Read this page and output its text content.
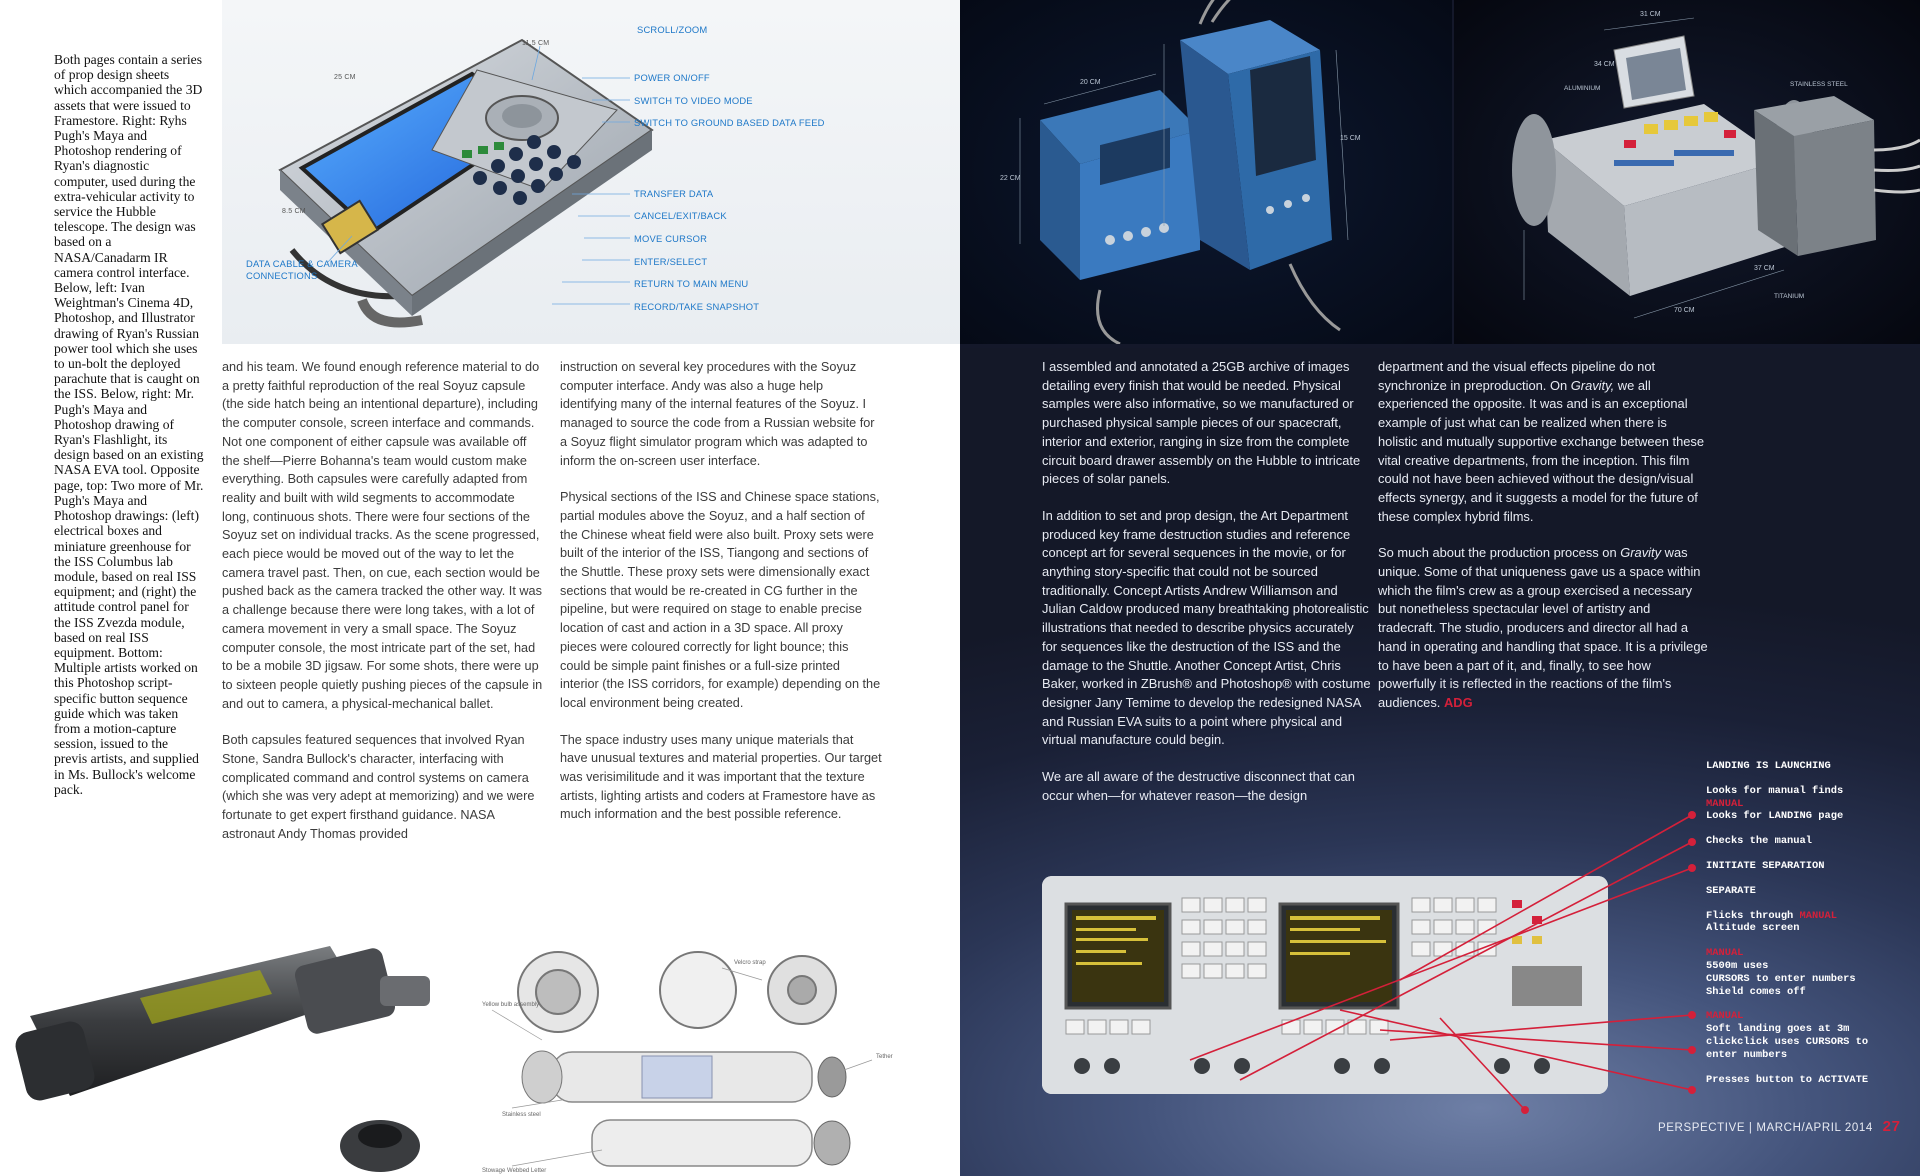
Both pages contain a series of prop design sheets which accompanied the 3D assets that were issued to Framestore. Right: Ryhs Pugh's Maya and Photoshop rendering of Ryan's diagnostic computer, used during the extra-vehicular activity to service the Hubble telescope. The design was based on a NASA/Canadarm IR camera control interface. Below, left: Ivan Weightman's Cinema 4D, Photoshop, and Illustrator drawing of Ryan's Russian power tool which she uses to un-bolt the deployed parachute that is caught on the ISS. Below, right: Mr. Pugh's Maya and Photoshop drawing of Ryan's Flashlight, its design based on an existing NASA EVA tool. Opposite page, top: Two more of Mr. Pugh's Maya and Photoshop drawings: (left) electrical boxes and miniature greenhouse for the ISS Columbus lab module, based on real ISS equipment; and (right) the attitude control panel for the ISS Zvezda module, based on real ISS equipment. Bottom: Multiple artists worked on this Photoshop script-specific button sequence guide which was taken from a motion-capture session, issued to the previs artists, and supplied in Ms. Bullock's welcome pack.
SCROLL/ZOOM
25 CM
11.5 CM
8.5 CM
POWER ON/OFF
SWITCH TO VIDEO MODE
SWITCH TO GROUND BASED DATA FEED
TRANSFER DATA
CANCEL/EXIT/BACK
MOVE CURSOR
ENTER/SELECT
RETURN TO MAIN MENU
RECORD/TAKE SNAPSHOT
DATA CABLE & CAMERA
CONNECTIONS

and his team. We found enough reference material to do a pretty faithful reproduction of the real Soyuz capsule (the side hatch being an intentional departure), including the computer console, screen interface and commands. Not one component of either capsule was available off the shelf—Pierre Bohanna's team would custom make everything. Both capsules were carefully adapted from reality and built with wild segments to accommodate long, continuous shots. There were four sections of the Soyuz set on individual tracks. As the scene progressed, each piece would be moved out of the way to let the camera travel past. Then, on cue, each section would be pushed back as the camera tracked the other way. It was a challenge because there were long takes, with a lot of camera movement in very a small space. The Soyuz computer console, the most intricate part of the set, had to be a mobile 3D jigsaw. For some shots, there were up to sixteen people quietly pushing pieces of the capsule in and out to camera, a physical-mechanical ballet.

Both capsules featured sequences that involved Ryan Stone, Sandra Bullock's character, interfacing with complicated command and control systems on camera (which she was very adept at memorizing) and we were fortunate to get expert firsthand guidance. NASA astronaut Andy Thomas provided

instruction on several key procedures with the Soyuz computer interface. Andy was also a huge help identifying many of the internal features of the Soyuz. I managed to source the code from a Russian website for a Soyuz flight simulator program which was adapted to inform the on-screen user interface.

Physical sections of the ISS and Chinese space stations, partial modules above the Soyuz, and a half section of the Chinese wheat field were also built. Proxy sets were built of the interior of the ISS, Tiangong and sections of the Shuttle. These proxy sets were dimensionally exact sections that would be re-created in CG further in the pipeline, but were required on stage to enable precise location of cast and action in a 3D space. All proxy pieces were coloured correctly for light bounce; this could be simple paint finishes or a full-size printed interior (the ISS corridors, for example) depending on the local environment being created.

The space industry uses many unique materials that have unusual textures and material properties. Our target was verisimilitude and it was important that the texture artists, lighting artists and coders at Framestore have as much information and the best possible reference.

Yellow bulb assembly
Velcro strap
Stainless steel
Tether
Stowage Webbed Letter
20 CM
22 CM
15 CM
31 CM
34 CM
37 CM
70 CM
ALUMINIUM
STAINLESS STEEL
TITANIUM

I assembled and annotated a 25GB archive of images detailing every finish that would be needed. Physical samples were also informative, so we manufactured or purchased physical sample pieces of our spacecraft, interior and exterior, ranging in size from the complete circuit board drawer assembly on the Hubble to intricate pieces of solar panels.

In addition to set and prop design, the Art Department produced key frame destruction studies and reference concept art for several sequences in the movie, or for anything story-specific that could not be sourced traditionally. Concept Artists Andrew Williamson and Julian Caldow produced many breathtaking photorealistic illustrations that needed to describe physics accurately for sequences like the destruction of the ISS and the damage to the Shuttle. Another Concept Artist, Chris Baker, worked in ZBrush® and Photoshop® with costume designer Jany Temime to develop the redesigned NASA and Russian EVA suits to a point where physical and virtual manufacture could begin.

We are all aware of the destructive disconnect that can occur when—for whatever reason—the design

department and the visual effects pipeline do not synchronize in preproduction. On Gravity, we all experienced the opposite. It was and is an exceptional example of just what can be realized when there is holistic and mutually supportive exchange between these vital creative departments, from the inception. This film could not have been achieved without the design/visual effects synergy, and it suggests a model for the future of these complex hybrid films.

So much about the production process on Gravity was unique. Some of that uniqueness gave us a space within which the film's crew as a group exercised a necessary but nonetheless spectacular level of artistry and tradecraft. The studio, producers and director all had a hand in operating and handling that space. It is a privilege to have been a part of it, and, finally, to see how powerfully it is reflected in the reactions of the film's audiences. ADG

LANDING IS LAUNCHING
Looks for manual finds
MANUAL
Looks for LANDING page
Checks the manual
INITIATE SEPARATION
SEPARATE
Flicks through MANUAL
Altitude screen
MANUAL
5500m uses
CURSORS to enter numbers
Shield comes off
MANUAL
Soft landing goes at 3m
clickclick uses CURSORS to
enter numbers
Presses button to ACTIVATE
PERSPECTIVE | MARCH/APRIL 2014 27
